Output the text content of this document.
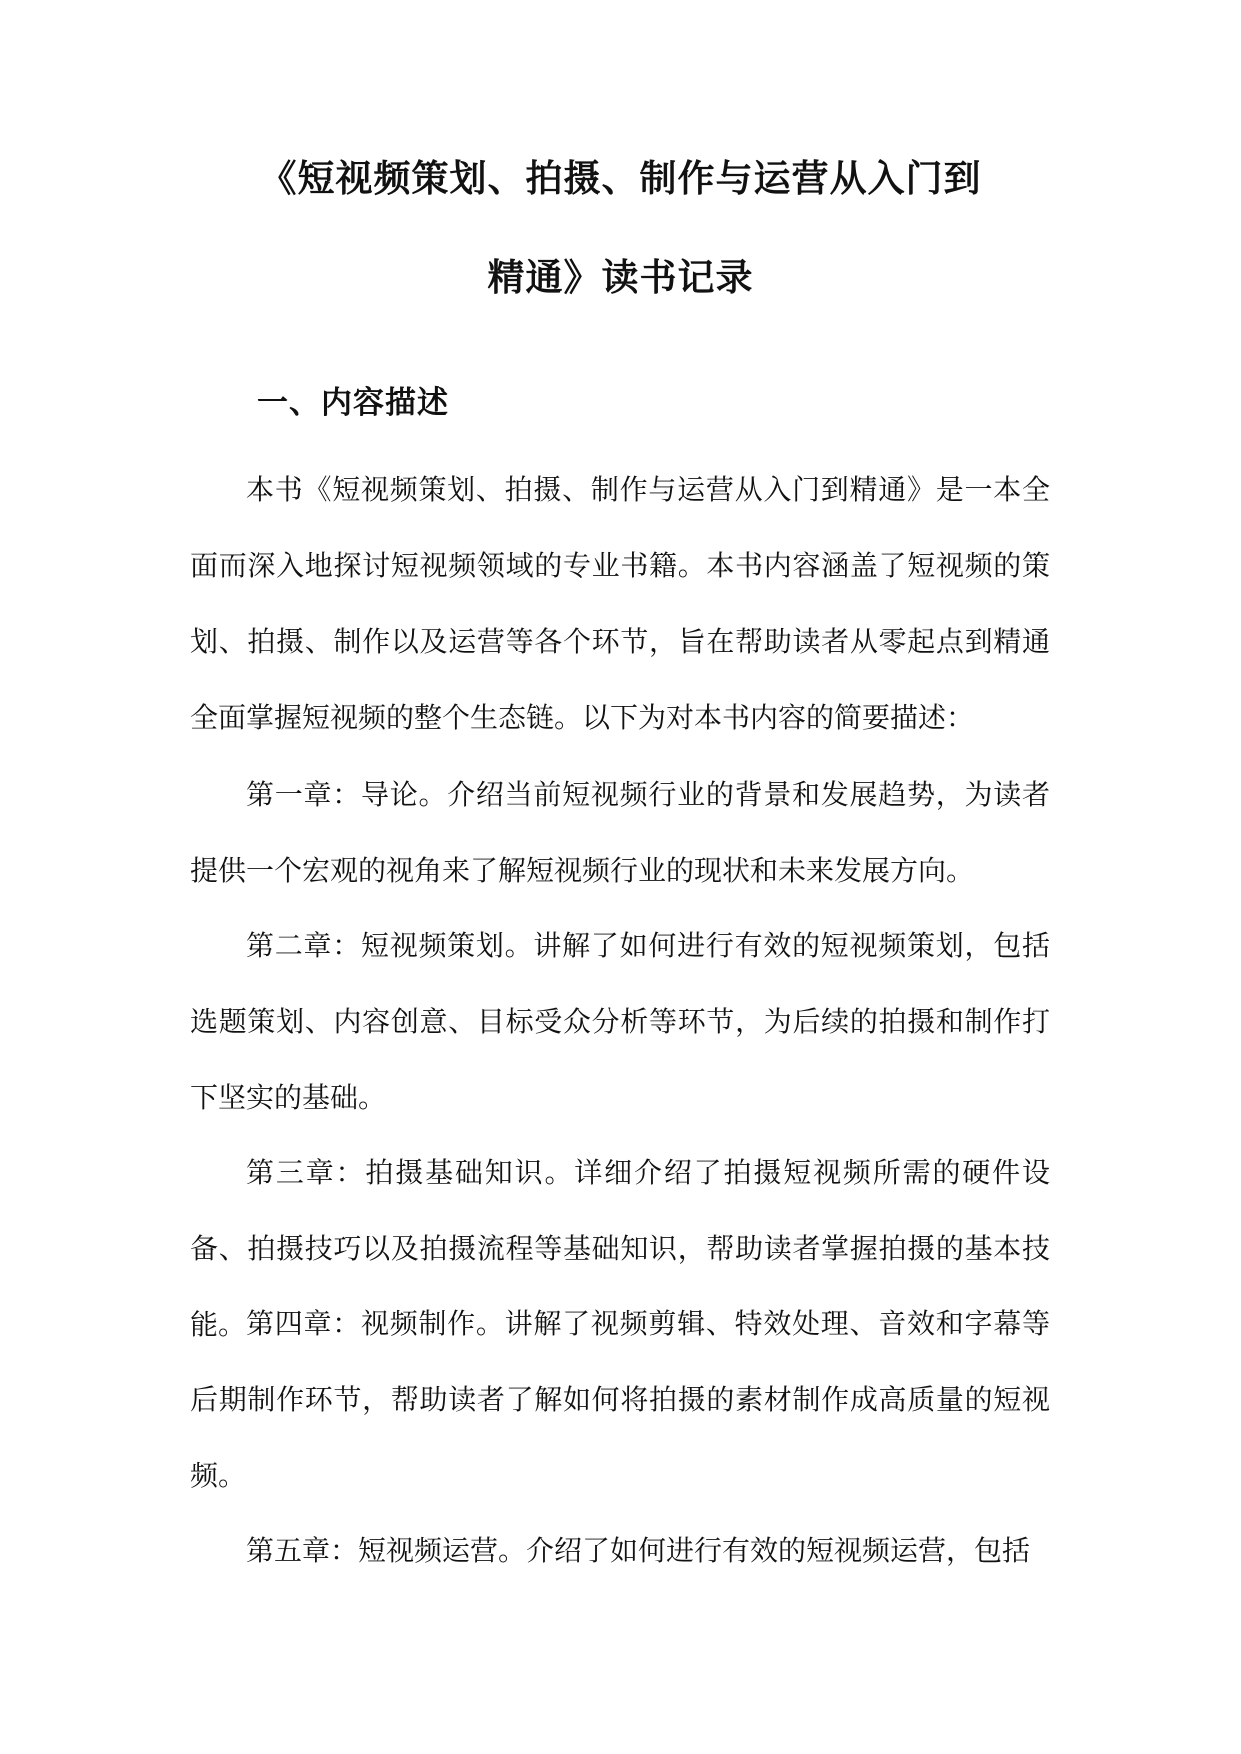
《短视频策划、拍摄、制作与运营从入门到
精通》读书记录
一、内容描述

本书《短视频策划、拍摄、制作与运营从入门到精通》是一本全面而深入地探讨短视频领域的专业书籍。本书内容涵盖了短视频的策划、拍摄、制作以及运营等各个环节，旨在帮助读者从零起点到精通全面掌握短视频的整个生态链。以下为对本书内容的简要描述：

第一章：导论。介绍当前短视频行业的背景和发展趋势，为读者提供一个宏观的视角来了解短视频行业的现状和未来发展方向。

第二章：短视频策划。讲解了如何进行有效的短视频策划，包括选题策划、内容创意、目标受众分析等环节，为后续的拍摄和制作打下坚实的基础。

第三章：拍摄基础知识。详细介绍了拍摄短视频所需的硬件设备、拍摄技巧以及拍摄流程等基础知识，帮助读者掌握拍摄的基本技能。 第四章：视频制作。讲解了视频剪辑、特效处理、音效和字幕等后期制作环节，帮助读者了解如何将拍摄的素材制作成高质量的短视频。

第五章：短视频运营。介绍了如何进行有效的短视频运营，包括
